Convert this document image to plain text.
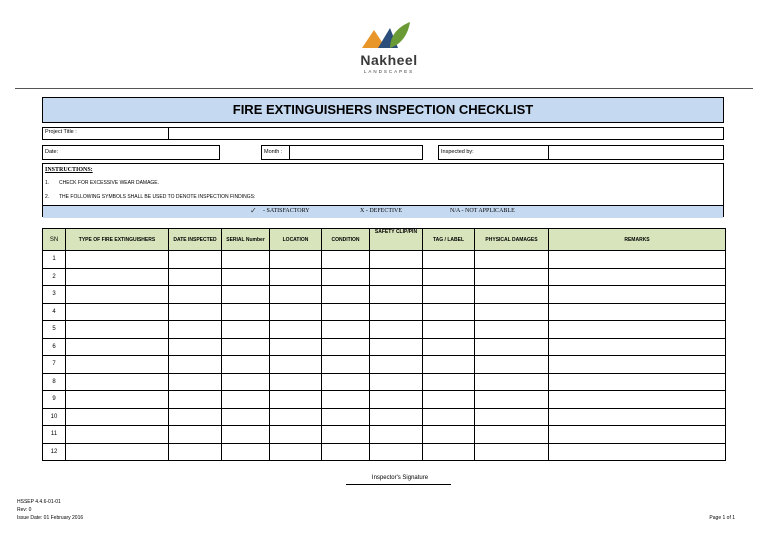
Nakheel
LANDSCAPES
FIRE EXTINGUISHERS INSPECTION CHECKLIST
Project Title :
Date:	Month :	Inspected by:
INSTRUCTIONS:
1. CHECK FOR EXCESSIVE WEAR DAMAGE.
2. THE FOLLOWING SYMBOLS SHALL BE USED TO DENOTE INSPECTION FINDINGS:
✓ - SATISFACTORY	X - DEFECTIVE	N/A - NOT APPLICABLE
SN	TYPE OF FIRE EXTINGUISHERS	DATE INSPECTED	SERIAL Number	LOCATION	CONDITION	SAFETY CLIP/PIN	TAG / LABEL	PHYSICAL DAMAGES	REMARKS
1									
2									
3									
4									
5									
6									
7									
8									
9									
10									
11									
12									
Inspector's Signature
HSSEP 4.4.6-01-01
Rev: 0
Issue Date: 01 February 2016	Page 1 of 1
